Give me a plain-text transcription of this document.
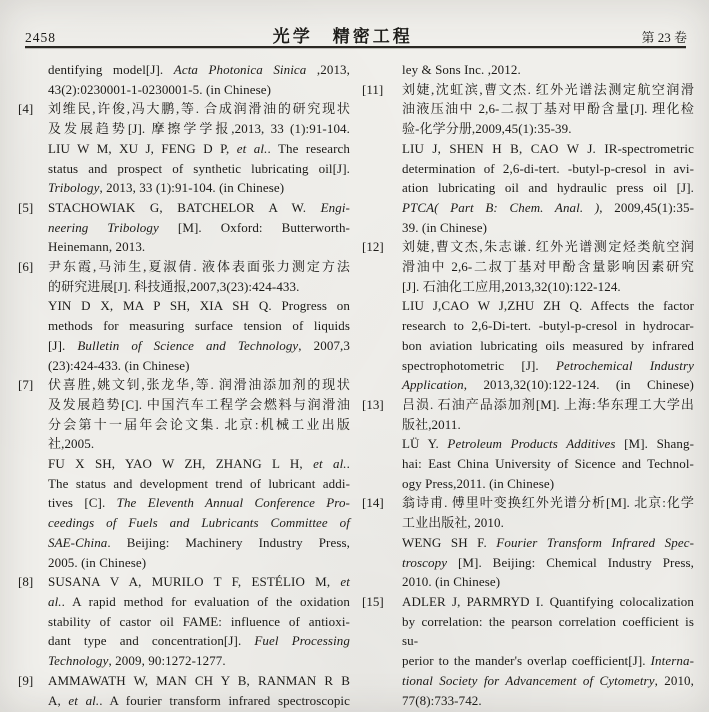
2458	光学　精密工程	第 23 卷
dentifying model[J]. Acta Photonica Sinica ,2013,
43(2):0230001-1-0230001-5. (in Chinese)
[4]	刘维民,许俊,冯大鹏,等. 合成润滑油的研究现状
及发展趋势[J]. 摩擦学学报,2013, 33 (1):91-104.
LIU W M, XU J, FENG D P, et al.. The research
status and prospect of synthetic lubricating oil[J].
Tribology, 2013, 33 (1):91-104. (in Chinese)
[5]	STACHOWIAK G, BATCHELOR A W. Engi-
neering Tribology [M]. Oxford: Butterworth-
Heinemann, 2013.
[6]	尹东霞,马沛生,夏淑倩. 液体表面张力测定方法
的研究进展[J]. 科技通报,2007,3(23):424-433.
YIN D X, MA P SH, XIA SH Q. Progress on
methods for measuring surface tension of liquids
[J]. Bulletin of Science and Technology, 2007,3
(23):424-433. (in Chinese)
[7]	伏喜胜,姚文钊,张龙华,等. 润滑油添加剂的现状
及发展趋势[C]. 中国汽车工程学会燃料与润滑油
分会第十一届年会论文集. 北京:机械工业出版
社,2005.
FU X SH, YAO W ZH, ZHANG L H, et al..
The status and development trend of lubricant addi-
tives [C]. The Eleventh Annual Conference Pro-
ceedings of Fuels and Lubricants Committee of
SAE-China. Beijing: Machinery Industry Press,
2005. (in Chinese)
[8]	SUSANA V A, MURILO T F, ESTÉLIO M, et
al.. A rapid method for evaluation of the oxidation
stability of castor oil FAME: influence of antioxi-
dant type and concentration[J]. Fuel Processing
Technology, 2009, 90:1272-1277.
[9]	AMMAWATH W, MAN CH Y B, RANMAN R B
A, et al.. A fourier transform infrared spectroscopic
ley & Sons Inc. ,2012.
[11]	刘婕,沈虹滨,曹文杰. 红外光谱法测定航空润滑
油液压油中 2,6-二叔丁基对甲酚含量[J]. 理化检
验-化学分册,2009,45(1):35-39.
LIU J, SHEN H B, CAO W J. IR-spectrometric
determination of 2,6-di-tert. -butyl-p-cresol in avi-
ation lubricating oil and hydraulic press oil [J].
PTCA( Part B: Chem. Anal. ), 2009,45(1):35-
39. (in Chinese)
[12]	刘婕,曹文杰,朱志谦. 红外光谱测定烃类航空润
滑油中 2,6-二叔丁基对甲酚含量影响因素研究
[J]. 石油化工应用,2013,32(10):122-124.
LIU J,CAO W J,ZHU ZH Q. Affects the factor
research to 2,6-Di-tert. -butyl-p-cresol in hydrocar-
bon aviation lubricating oils measured by infrared
spectrophotometric [J]. Petrochemical Industry
Application, 2013,32(10):122-124. (in Chinese)
[13]	吕涢. 石油产品添加剂[M]. 上海:华东理工大学出
版社,2011.
LÜ Y. Petroleum Products Additives [M]. Shang-
hai: East China University of Sicence and Technol-
ogy Press,2011. (in Chinese)
[14]	翁诗甫. 傅里叶变换红外光谱分析[M]. 北京:化学
工业出版社, 2010.
WENG SH F. Fourier Transform Infrared Spec-
troscopy [M]. Beijing: Chemical Industry Press,
2010. (in Chinese)
[15]	ADLER J, PARMRYD I. Quantifying colocalization
by correlation: the pearson correlation coefficient is su-
perior to the mander's overlap coefficient[J]. Interna-
tional Society for Advancement of Cytometry, 2010,
77(8):733-742.
